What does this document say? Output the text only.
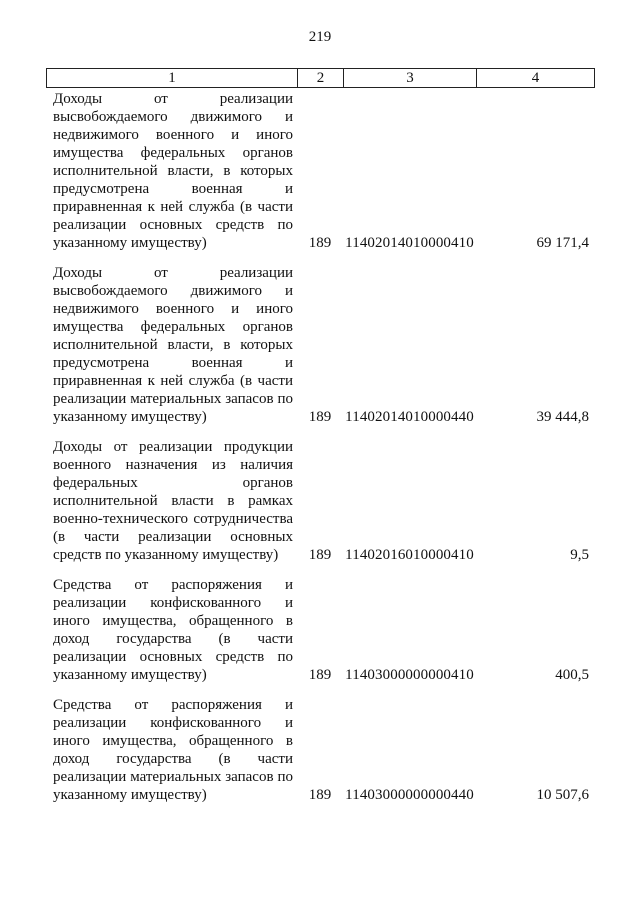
219
1	2	3	4
Доходы от реализации высвобождаемого движимого и недвижимого военного и иного имущества федеральных органов исполнительной власти, в которых предусмотрена военная и приравненная к ней служба (в части реализации основных средств по указанному имуществу)	189 11402014010000410	69 171,4
Доходы от реализации высвобождаемого движимого и недвижимого военного и иного имущества федеральных органов исполнительной власти, в которых предусмотрена военная и приравненная к ней служба (в части реализации материальных запасов по указанному имуществу)	189 11402014010000440	39 444,8
Доходы от реализации продукции военного назначения из наличия федеральных органов исполнительной власти в рамках военно-технического сотрудничества (в части реализации основных средств по указанному имуществу)	189 11402016010000410	9,5
Средства от распоряжения и реализации конфискованного и иного имущества, обращенного в доход государства (в части реализации основных средств по указанному имуществу)	189 11403000000000410	400,5
Средства от распоряжения и реализации конфискованного и иного имущества, обращенного в доход государства (в части реализации материальных запасов по указанному имуществу)	189 11403000000000440	10 507,6
